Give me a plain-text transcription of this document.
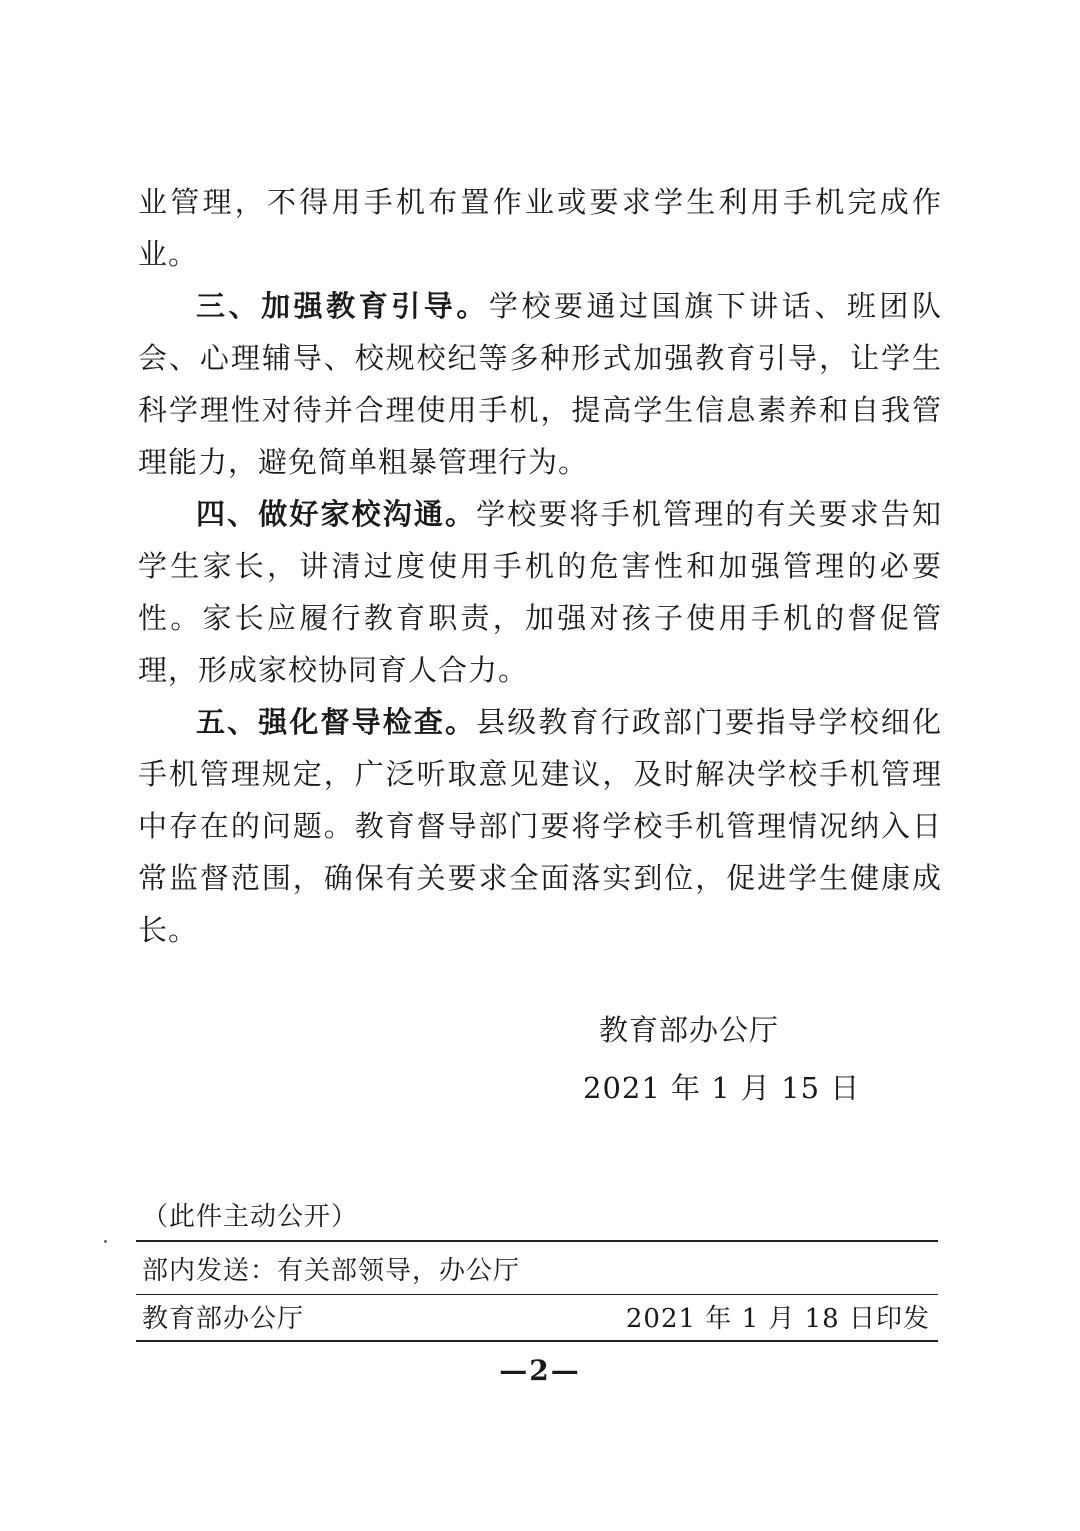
业管理，不得用手机布置作业或要求学生利用手机完成作业。

三、加强教育引导。学校要通过国旗下讲话、班团队会、心理辅导、校规校纪等多种形式加强教育引导，让学生科学理性对待并合理使用手机，提高学生信息素养和自我管理能力，避免简单粗暴管理行为。

四、做好家校沟通。学校要将手机管理的有关要求告知学生家长，讲清过度使用手机的危害性和加强管理的必要性。家长应履行教育职责，加强对孩子使用手机的督促管理，形成家校协同育人合力。

五、强化督导检查。县级教育行政部门要指导学校细化手机管理规定，广泛听取意见建议，及时解决学校手机管理中存在的问题。教育督导部门要将学校手机管理情况纳入日常监督范围，确保有关要求全面落实到位，促进学生健康成长。

教育部办公厅
2021 年 1 月 15 日
（此件主动公开）
部内发送：有关部领导，办公厅
教育部办公厅	2021 年 1 月 18 日印发
—2—
